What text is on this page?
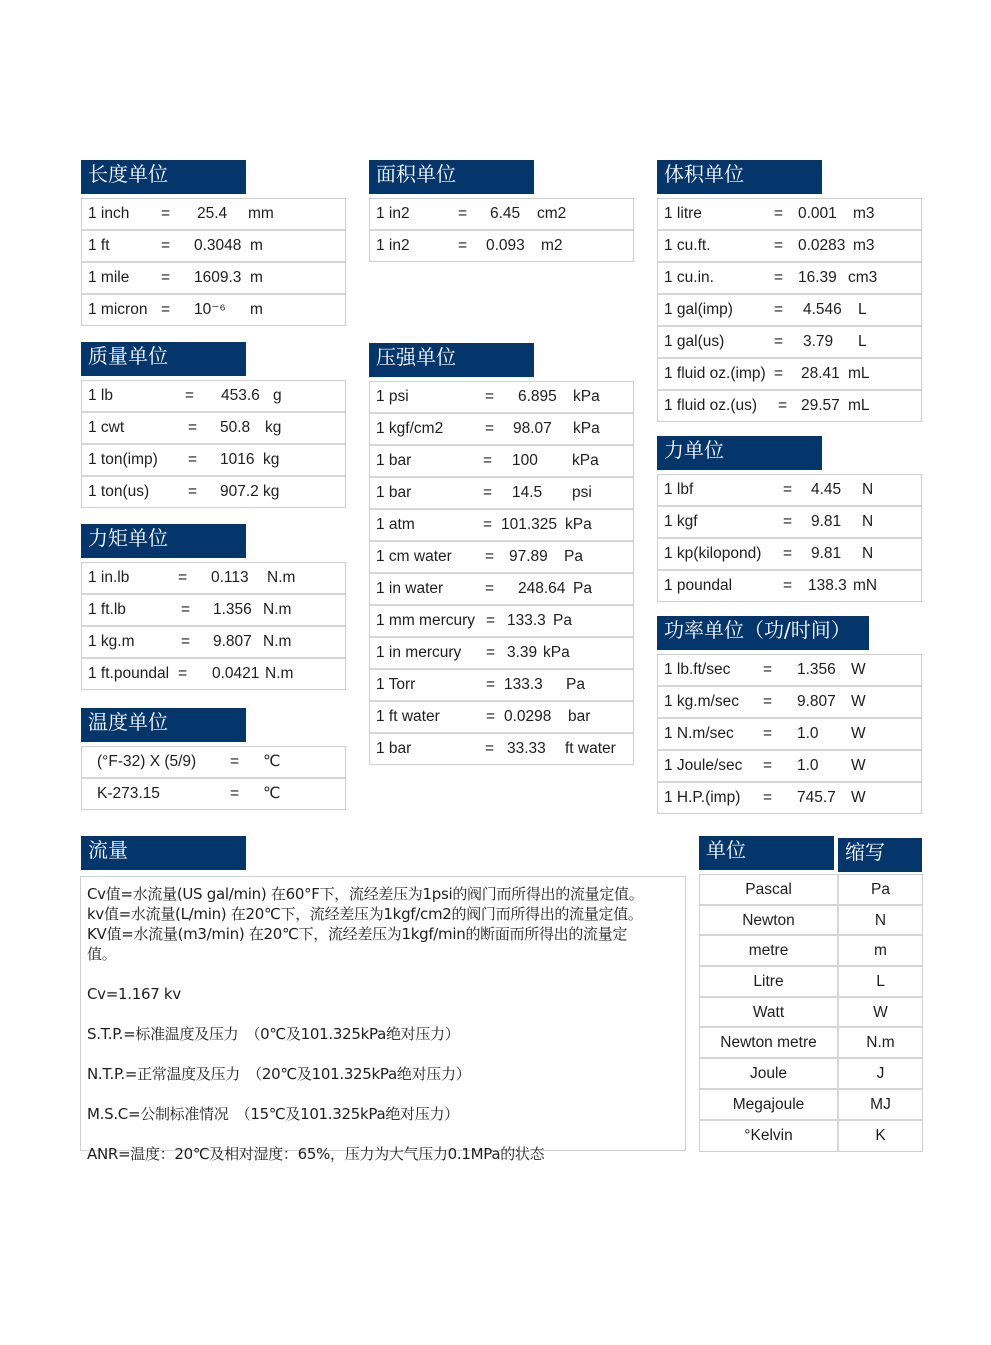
长度单位
1 inch = 25.4 mm
1 ft	= 0.3048 m
1 mile = 1609.3 m
1 micron = 10⁻⁶ m
质量单位
1 lb	= 453.6 g
1 cwt	= 50.8 kg
1 ton(imp) = 1016 kg
1 ton(us)	= 907.2 kg
力矩单位
1 in.lb	= 0.113 N.m
1 ft.lb	= 1.356 N.m
1 kg.m	= 9.807 N.m
1 ft.poundal = 0.0421 N.m
温度单位
(°F-32) X (5/9) = ℃
K-273.15	= ℃
面积单位
1 in2	= 6.45 cm2
1 in2	= 0.093 m2
压强单位
1 psi	= 6.895 kPa
1 kgf/cm2	= 98.07 kPa
1 bar	= 100 kPa
1 bar	= 14.5 psi
1 atm	= 101.325 kPa
1 cm water = 97.89 Pa
1 in water	= 248.64 Pa
1 mm mercury = 133.3 Pa
1 in mercury = 3.39 kPa
1 Torr	= 133.3 Pa
1 ft water	= 0.0298 bar
1 bar	= 33.33 ft water
体积单位
1 litre	= 0.001 m3
1 cu.ft.	= 0.0283 m3
1 cu.in.	= 16.39 cm3
1 gal(imp)	= 4.546 L
1 gal(us)	= 3.79 L
1 fluid oz.(imp) = 28.41 mL
1 fluid oz.(us) = 29.57 mL
力单位
1 lbf	= 4.45 N
1 kgf	= 9.81 N
1 kp(kilopond) = 9.81 N
1 poundal	= 138.3 mN
功率单位（功/时间）
1 lb.ft/sec = 1.356 W
1 kg.m/sec = 9.807 W
1 N.m/sec = 1.0 W
1 Joule/sec = 1.0 W
1 H.P.(imp) = 745.7 W
流量
Cv值=水流量(US gal/min) 在60°F下，流经差压为1psi的阀门而所得出的流量定值。
kv值=水流量(L/min) 在20℃下，流经差压为1kgf/cm2的阀门而所得出的流量定值。
KV值=水流量(m3/min) 在20℃下，流经差压为1kgf/min的断面而所得出的流量定
值。
Cv=1.167 kv
S.T.P.=标准温度及压力　（0℃及101.325kPa绝对压力）
N.T.P.=正常温度及压力　（20℃及101.325kPa绝对压力）
M.S.C=公制标准情况　（15℃及101.325kPa绝对压力）
ANR=温度：20℃及相对湿度：65%，压力为大气压力0.1MPa的状态
单位	缩写
Pascal	Pa
Newton	N
metre	m
Litre	L
Watt	W
Newton metre	N.m
Joule	J
Megajoule	MJ
°Kelvin	K
